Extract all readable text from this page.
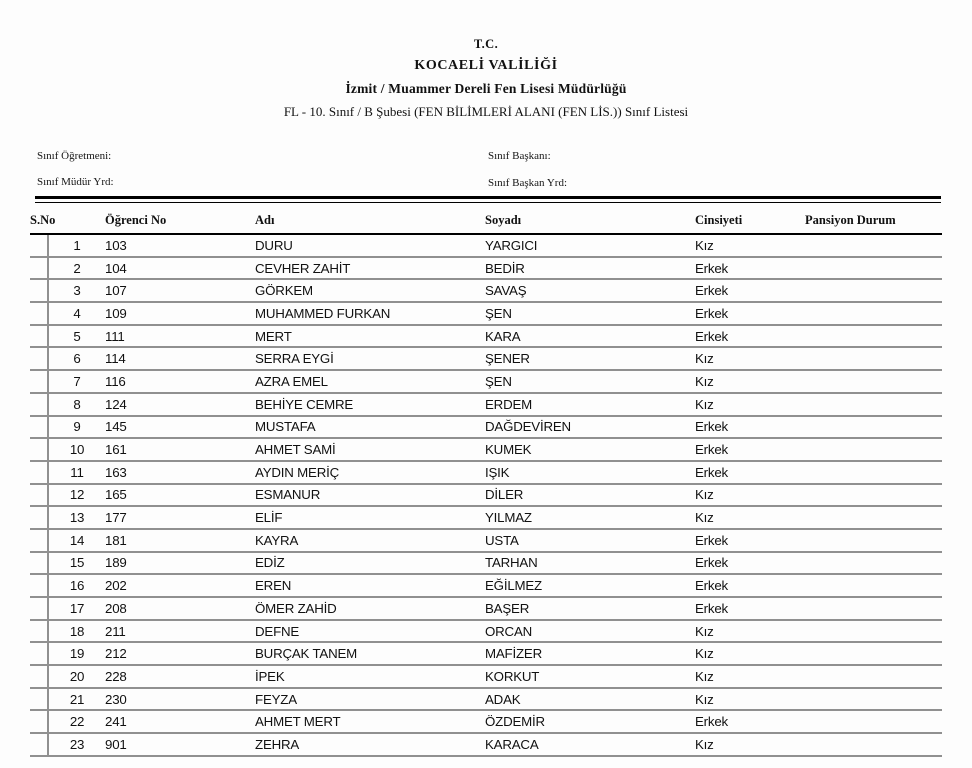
T.C.
KOCAELİ VALİLİĞİ
İzmit / Muammer Dereli Fen Lisesi Müdürlüğü
FL - 10. Sınıf / B Şubesi (FEN BİLİMLERİ ALANI (FEN LİS.)) Sınıf Listesi
Sınıf Öğretmeni:	Sınıf Başkanı:
Sınıf Müdür Yrd:	Sınıf Başkan Yrd:
S.No		Öğrenci No	Adı	Soyadı	Cinsiyeti	Pansiyon Durum
	1	103	DURU	YARGICI	Kız	
	2	104	CEVHER ZAHİT	BEDİR	Erkek	
	3	107	GÖRKEM	SAVAŞ	Erkek	
	4	109	MUHAMMED FURKAN	ŞEN	Erkek	
	5	111	MERT	KARA	Erkek	
	6	114	SERRA EYGİ	ŞENER	Kız	
	7	116	AZRA EMEL	ŞEN	Kız	
	8	124	BEHİYE CEMRE	ERDEM	Kız	
	9	145	MUSTAFA	DAĞDEVİREN	Erkek	
	10	161	AHMET SAMİ	KUMEK	Erkek	
	11	163	AYDIN MERİÇ	IŞIK	Erkek	
	12	165	ESMANUR	DİLER	Kız	
	13	177	ELİF	YILMAZ	Kız	
	14	181	KAYRA	USTA	Erkek	
	15	189	EDİZ	TARHAN	Erkek	
	16	202	EREN	EĞİLMEZ	Erkek	
	17	208	ÖMER ZAHİD	BAŞER	Erkek	
	18	211	DEFNE	ORCAN	Kız	
	19	212	BURÇAK TANEM	MAFİZER	Kız	
	20	228	İPEK	KORKUT	Kız	
	21	230	FEYZA	ADAK	Kız	
	22	241	AHMET MERT	ÖZDEMİR	Erkek	
	23	901	ZEHRA	KARACA	Kız	
